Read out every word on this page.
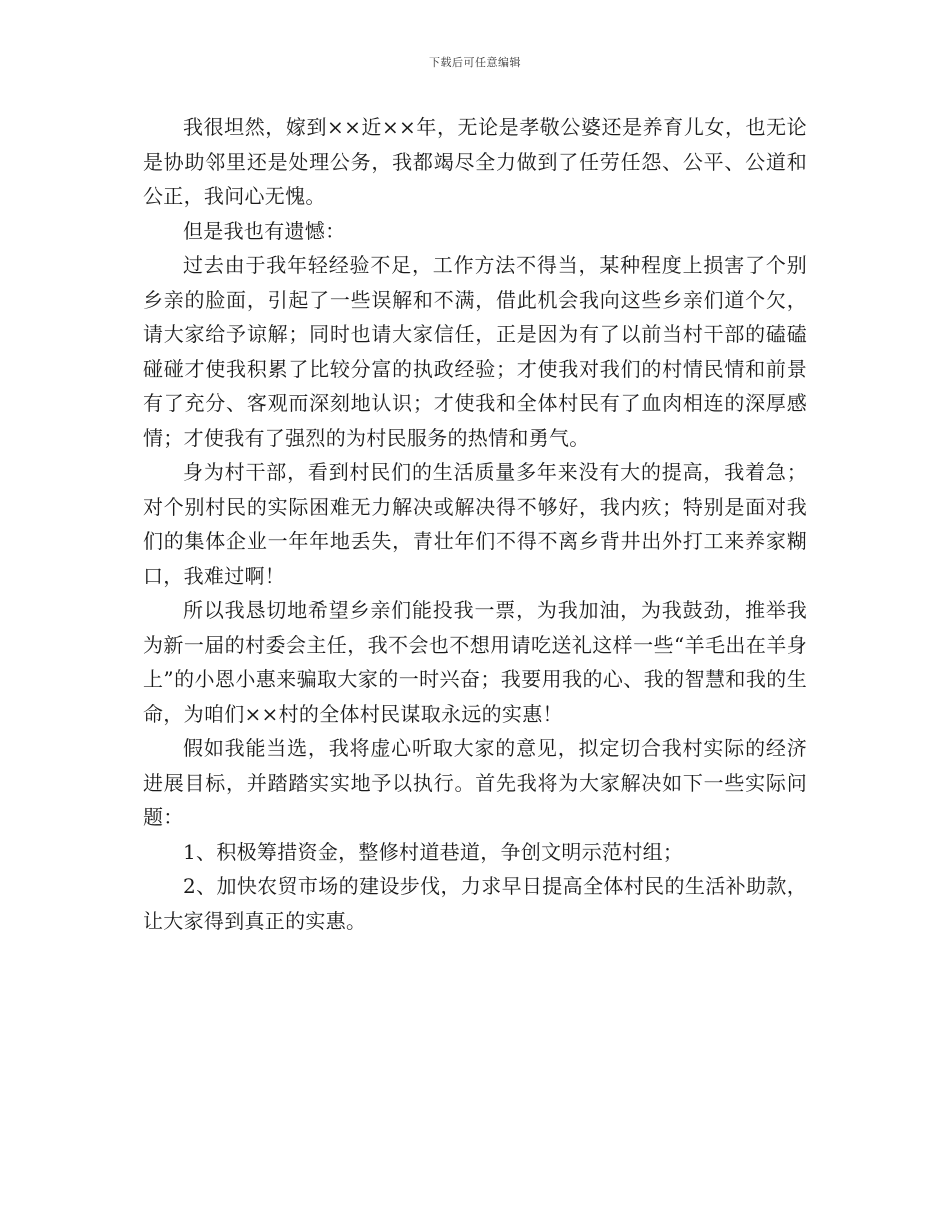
下载后可任意编辑

我很坦然，嫁到××近××年，无论是孝敬公婆还是养育儿女，也无论是协助邻里还是处理公务，我都竭尽全力做到了任劳任怨、公平、公道和公正，我问心无愧。

但是我也有遗憾：

过去由于我年轻经验不足，工作方法不得当，某种程度上损害了个别乡亲的脸面，引起了一些误解和不满，借此机会我向这些乡亲们道个欠，请大家给予谅解；同时也请大家信任，正是因为有了以前当村干部的磕磕碰碰才使我积累了比较分富的执政经验；才使我对我们的村情民情和前景有了充分、客观而深刻地认识；才使我和全体村民有了血肉相连的深厚感情；才使我有了强烈的为村民服务的热情和勇气。

身为村干部，看到村民们的生活质量多年来没有大的提高，我着急；对个别村民的实际困难无力解决或解决得不够好，我内疚；特别是面对我们的集体企业一年年地丢失，青壮年们不得不离乡背井出外打工来养家糊口，我难过啊！

所以我恳切地希望乡亲们能投我一票，为我加油，为我鼓劲，推举我为新一届的村委会主任，我不会也不想用请吃送礼这样一些“羊毛出在羊身上”的小恩小惠来骗取大家的一时兴奋；我要用我的心、我的智慧和我的生命，为咱们××村的全体村民谋取永远的实惠！

假如我能当选，我将虚心听取大家的意见，拟定切合我村实际的经济进展目标，并踏踏实实地予以执行。首先我将为大家解决如下一些实际问题：

1、积极筹措资金，整修村道巷道，争创文明示范村组；

2、加快农贸市场的建设步伐，力求早日提高全体村民的生活补助款，让大家得到真正的实惠。
